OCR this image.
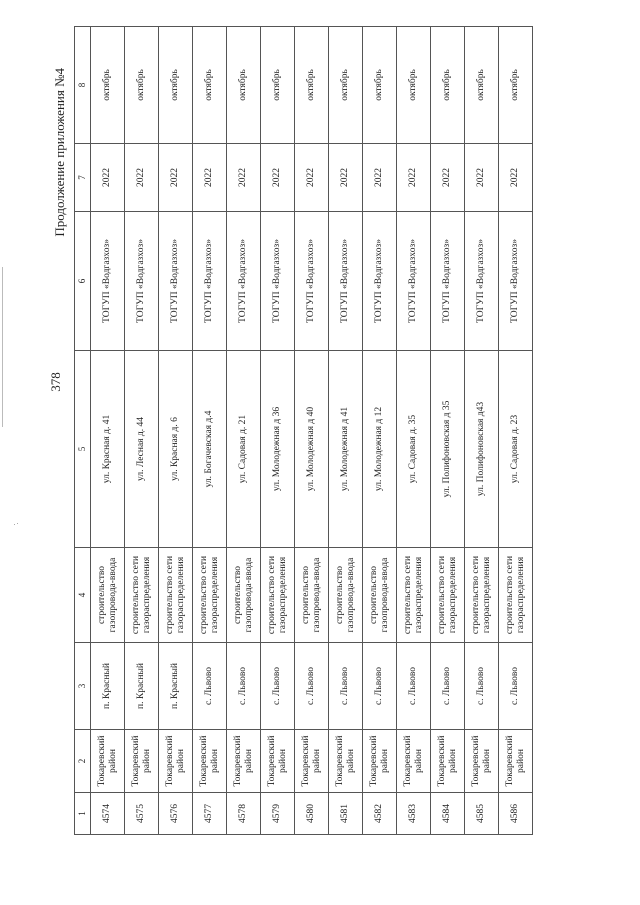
378
Продолжение приложения №4
1	2	3	4	5	6	7	8
4574	Токаревский район	п. Красный	строительство газопровода-ввода	ул. Красная д. 41	ТОГУП «Водгазхоз»	2022	октябрь
4575	Токаревский район	п. Красный	строительство сети газораспределения	ул. Лесная д. 44	ТОГУП «Водгазхоз»	2022	октябрь
4576	Токаревский район	п. Красный	строительство сети газораспределения	ул. Красная д. 6	ТОГУП «Водгазхоз»	2022	октябрь
4577	Токаревский район	с. Львово	строительство сети газораспределения	ул. Богачевская д.4	ТОГУП «Водгазхоз»	2022	октябрь
4578	Токаревский район	с. Львово	строительство газопровода-ввода	ул. Садовая д. 21	ТОГУП «Водгазхоз»	2022	октябрь
4579	Токаревский район	с. Львово	строительство сети газораспределения	ул. Молодежная д 36	ТОГУП «Водгазхоз»	2022	октябрь
4580	Токаревский район	с. Львово	строительство газопровода-ввода	ул. Молодежная д 40	ТОГУП «Водгазхоз»	2022	октябрь
4581	Токаревский район	с. Львово	строительство газопровода-ввода	ул. Молодежная д 41	ТОГУП «Водгазхоз»	2022	октябрь
4582	Токаревский район	с. Львово	строительство газопровода-ввода	ул. Молодежная д 12	ТОГУП «Водгазхоз»	2022	октябрь
4583	Токаревский район	с. Львово	строительство сети газораспределения	ул. Садовая д. 35	ТОГУП «Водгазхоз»	2022	октябрь
4584	Токаревский район	с. Львово	строительство сети газораспределения	ул. Полифоновская д 35	ТОГУП «Водгазхоз»	2022	октябрь
4585	Токаревский район	с. Львово	строительство сети газораспределения	ул. Полифоновская д43	ТОГУП «Водгазхоз»	2022	октябрь
4586	Токаревский район	с. Львово	строительство сети газораспределения	ул. Садовая д. 23	ТОГУП «Водгазхоз»	2022	октябрь
